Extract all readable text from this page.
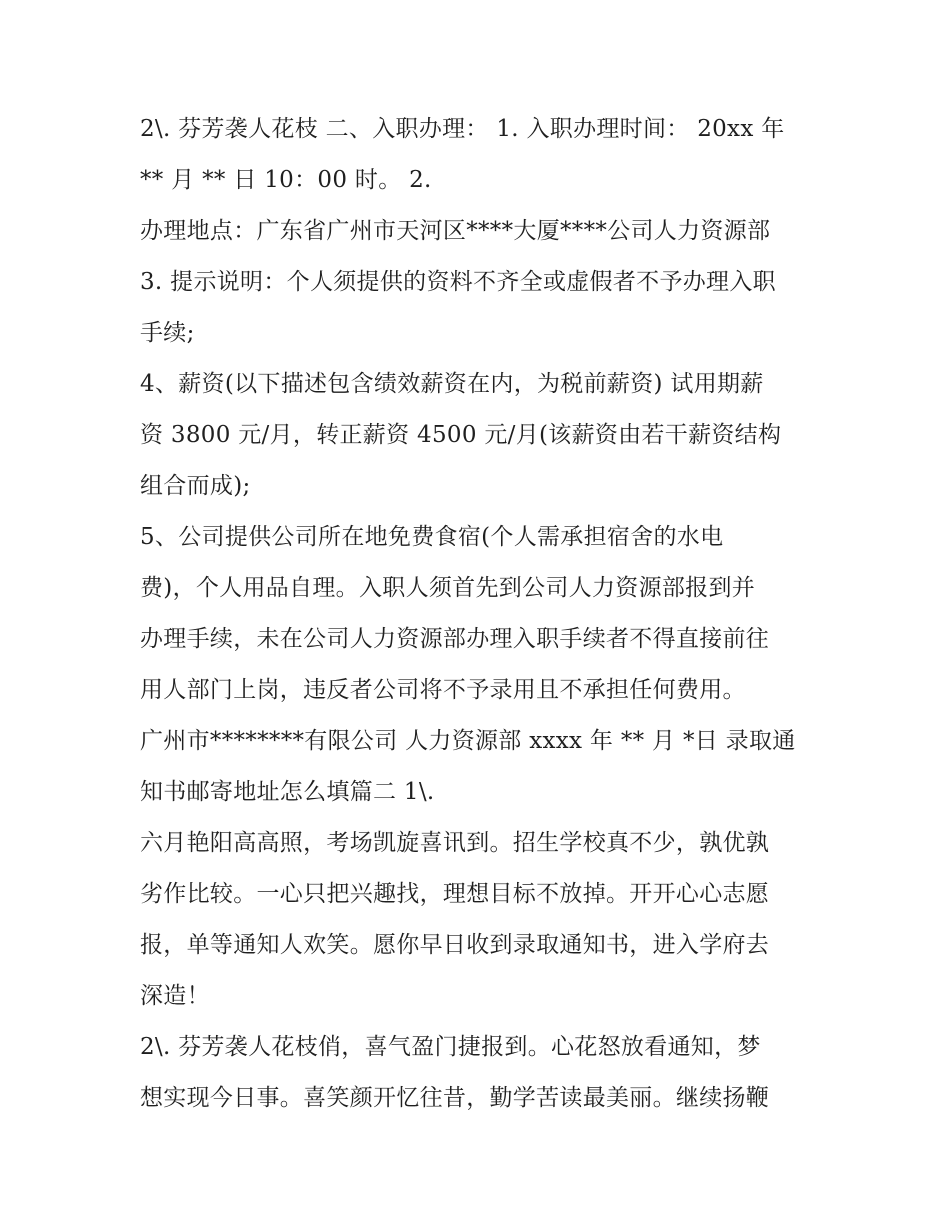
2\. 芬芳袭人花枝 二、入职办理： 1. 入职办理时间： 20xx 年
** 月 ** 日 10：00 时。 2.
办理地点：广东省广州市天河区****大厦****公司人力资源部
3. 提示说明：个人须提供的资料不齐全或虚假者不予办理入职
手续;
4、薪资(以下描述包含绩效薪资在内，为税前薪资) 试用期薪
资 3800 元/月，转正薪资 4500 元/月(该薪资由若干薪资结构
组合而成);
5、公司提供公司所在地免费食宿(个人需承担宿舍的水电
费)，个人用品自理。入职人须首先到公司人力资源部报到并
办理手续，未在公司人力资源部办理入职手续者不得直接前往
用人部门上岗，违反者公司将不予录用且不承担任何费用。
广州市********有限公司 人力资源部 xxxx 年 ** 月 *日 录取通
知书邮寄地址怎么填篇二 1\.
六月艳阳高高照，考场凯旋喜讯到。招生学校真不少，孰优孰
劣作比较。一心只把兴趣找，理想目标不放掉。开开心心志愿
报，单等通知人欢笑。愿你早日收到录取通知书，进入学府去
深造！
2\. 芬芳袭人花枝俏，喜气盈门捷报到。心花怒放看通知，梦
想实现今日事。喜笑颜开忆往昔，勤学苦读最美丽。继续扬鞭
